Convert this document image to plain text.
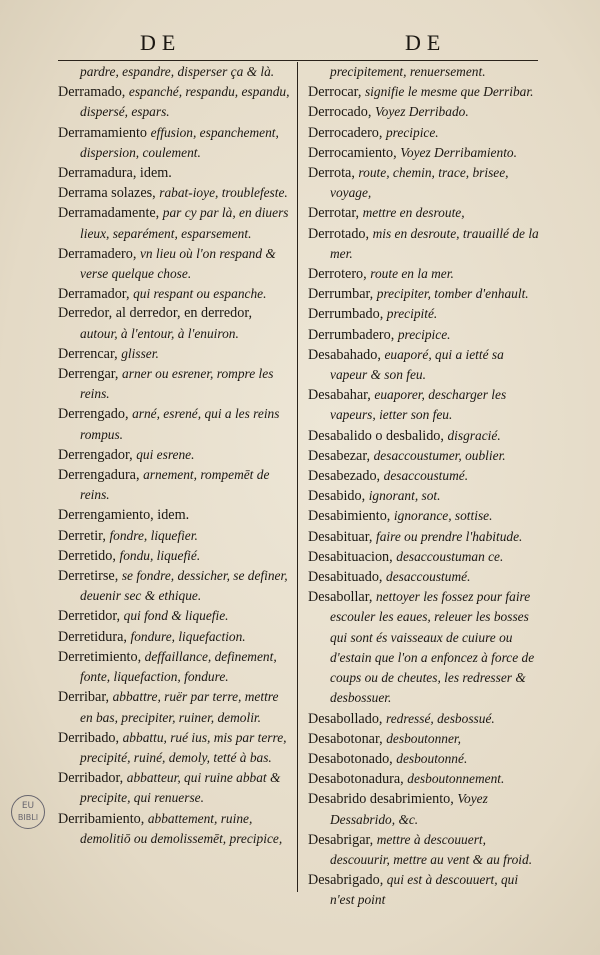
DE	DE
pardre, espandre, disperser ça & là.
Derramado, espanché, respandu, espandu, dispersé, espars.
Derramamiento effusion, espanchement, dispersion, coulement.
Derramadura, idem.
Derrama solazes, rabat-ioye, troublefeste.
Derramadamente, par cy par là, en diuers lieux, separément, esparsement.
Derramadero, vn lieu où l'on respand & verse quelque chose.
Derramador, qui respant ou espanche.
Derredor, al derredor, en derredor, autour, à l'entour, à l'enuiron.
Derrencar, glisser.
Derrengar, arner ou esrener, rompre les reins.
Derrengado, arné, esrené, qui a les reins rompus.
Derrengador, qui esrene.
Derrengadura, arnement, rompemēt de reins.
Derrengamiento, idem.
Derretir, fondre, liquefier.
Derretido, fondu, liquefié.
Derretirse, se fondre, dessicher, se definer, deuenir sec & ethique.
Derretidor, qui fond & liquefie.
Derretidura, fondure, liquefaction.
Derretimiento, deffaillance, definement, fonte, liquefaction, fondure.
Derribar, abbattre, ruër par terre, mettre en bas, precipiter, ruiner, demolir.
Derribado, abbattu, rué ius, mis par terre, precipité, ruiné, demoly, tetté à bas.
Derribador, abbatteur, qui ruine abbat & precipite, qui renuerse.
Derribamiento, abbattement, ruine, demolitiō ou demolissemēt, precipice,
precipitement, renuersement.
Derrocar, signifie le mesme que Derribar.
Derrocado, Voyez Derribado.
Derrocadero, precipice.
Derrocamiento, Voyez Derribamiento.
Derrota, route, chemin, trace, brisee, voyage,
Derrotar, mettre en desroute,
Derrotado, mis en desroute, trauaillé de la mer.
Derrotero, route en la mer.
Derrumbar, precipiter, tomber d'enhault.
Derrumbado, precipité.
Derrumbadero, precipice.
Desabahado, euaporé, qui a ietté sa vapeur & son feu.
Desabahar, euaporer, descharger les vapeurs, ietter son feu.
Desabalido o desbalido, disgracié.
Desabezar, desaccoustumer, oublier.
Desabezado, desaccoustumé.
Desabido, ignorant, sot.
Desabimiento, ignorance, sottise.
Desabituar, faire ou prendre l'habitude.
Desabituacion, desaccoustuman ce.
Desabituado, desaccoustumé.
Desabollar, nettoyer les fossez pour faire escouler les eaues, releuer les bosses qui sont és vaisseaux de cuiure ou d'estain que l'on a enfoncez à force de coups ou de cheutes, les redresser & desbossuer.
Desabollado, redressé, desbossué.
Desabotonar, desboutonner,
Desabotonado, desboutonné.
Desabotonadura, desboutonnement.
Desabrido desabrimiento, Voyez Dessabrido, &c.
Desabrigar, mettre à descouuert, descouurir, mettre au vent & au froid.
Desabrigado, qui est à descouuert, qui n'est point
EU
BIBLI
